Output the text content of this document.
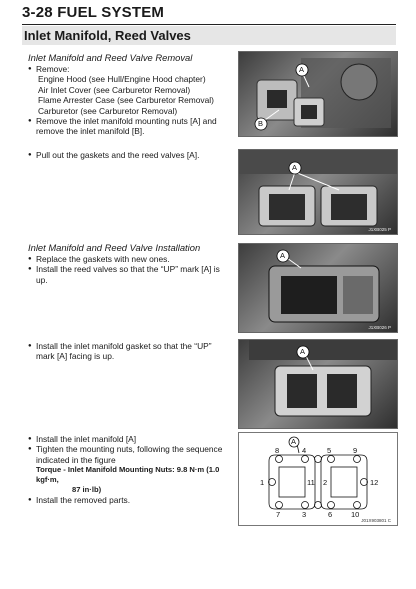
3-28 FUEL SYSTEM
Inlet Manifold, Reed Valves
Inlet Manifold and Reed Valve Removal
● Remove:
Engine Hood (see Hull/Engine Hood chapter)
Air Inlet Cover (see Carburetor Removal)
Flame Arrester Case (see Carburetor Removal)
Carburetor (see Carburetor Removal)
● Remove the inlet manifold mounting nuts [A] and remove the inlet manifold [B].
● Pull out the gaskets and the reed valves [A].
Inlet Manifold and Reed Valve Installation
● Replace the gaskets with new ones.
● Install the reed valves so that the “UP” mark [A] is up.
● Install the inlet manifold gasket so that the “UP” mark [A] facing is up.
● Install the inlet manifold [A]
● Tighten the mounting nuts, following the sequence indicated in the figure
Torque - Inlet Manifold Mounting Nuts: 9.8 N·m (1.0 kgf·m,
87 in·lb)
● Install the removed parts.
A
B
A
J1XB025 P
A
J1XB026 P
A
A
8	4	5	9
1	11 2	12
7	3	6	10
J01X903801 C
